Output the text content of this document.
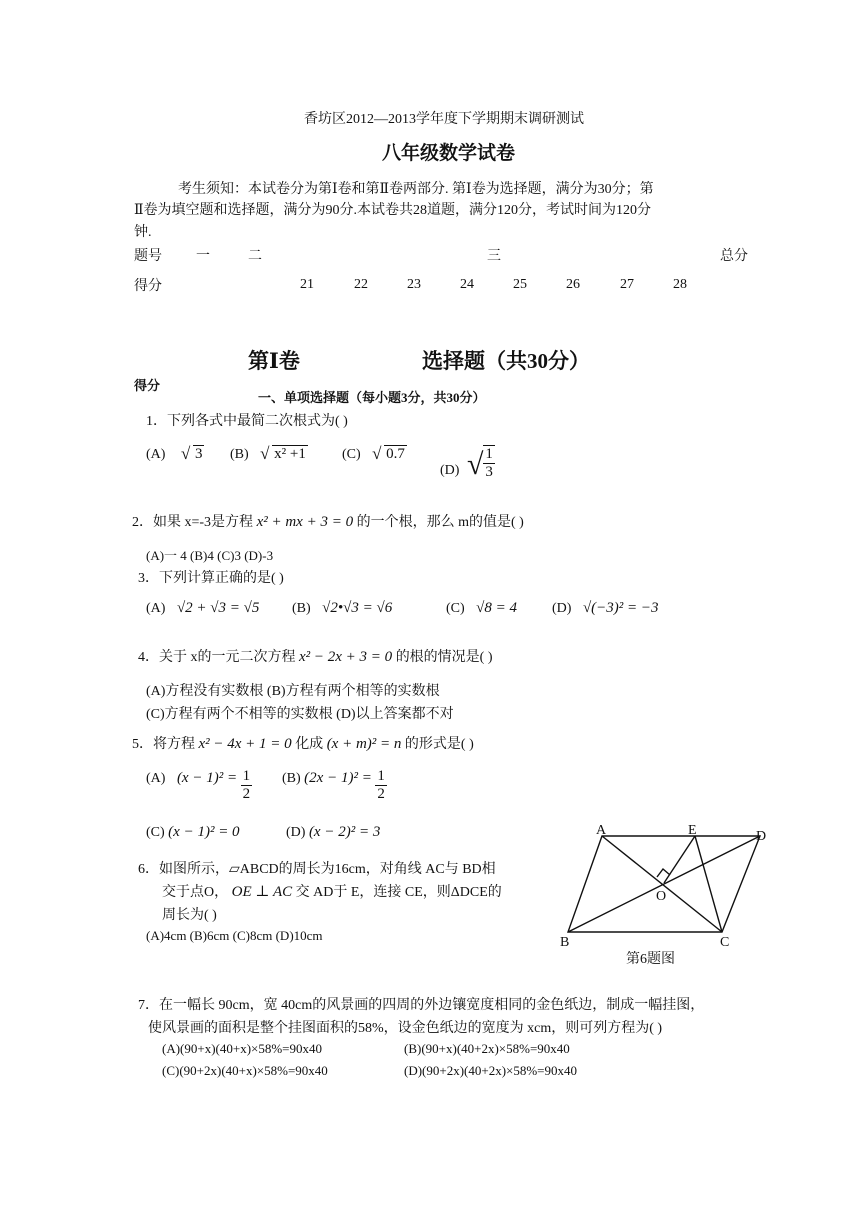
香坊区2012—2013学年度下学期期末调研测试
八年级数学试卷
考生须知：本试卷分为第Ⅰ卷和第Ⅱ卷两部分. 第Ⅰ卷为选择题，满分为30分；第
Ⅱ卷为填空题和选择题，满分为90分.本试卷共28道题，满分120分，考试时间为120分
钟.
题号 一	二	三	总分
得分	21	22	23	24	25	26	27	28
第Ⅰ卷	选择题（共30分）
得分
一、单项选择题（每小题3分，共30分）
1．下列各式中最简二次根式为( )
(A) √ 3 (B) √ x² +1	(C) √ 0.7
(D) √ $\frac{1}{3}$
2．如果 x=-3是方程 x² + mx + 3 = 0 的一个根，那么 m的值是( )
(A)一 4 (B)4 (C)3 (D)-3
3．下列计算正确的是( )
(A) √2 + √3 = √5 (B) √2•√3 = √6	(C) √8 = 4 (D) √(−3)² = −3
4．关于 x的一元二次方程 x² − 2x + 3 = 0 的根的情况是( )
(A)方程没有实数根 (B)方程有两个相等的实数根
(C)方程有两个不相等的实数根 (D)以上答案都不对
5．将方程 x² − 4x + 1 = 0 化成 (x + m)² = n 的形式是( )
(A) $(x - 1)^2 = \frac{1}{2} (B) (2x - 1)^2 = \frac{1}{2}$
(C) (x − 1)² = 0	(D) (x − 2)² = 3
6．如图所示，▱ABCD的周长为16cm，对角线 AC与 BD相
交于点O， OE ⊥ AC 交 AD于 E，连接 CE，则ΔDCE的
周长为( )
(A)4cm (B)6cm (C)8cm (D)10cm
A	E	D
O
B	C
第6题图
7．在一幅长 90cm，宽 40cm的风景画的四周的外边镶宽度相同的金色纸边，制成一幅挂图，
使风景画的面积是整个挂图面积的58%，设金色纸边的宽度为 xcm，则可列方程为( )
(A)(90+x)(40+x)×58%=90x40	(B)(90+x)(40+2x)×58%=90x40
(C)(90+2x)(40+x)×58%=90x40	(D)(90+2x)(40+2x)×58%=90x40
